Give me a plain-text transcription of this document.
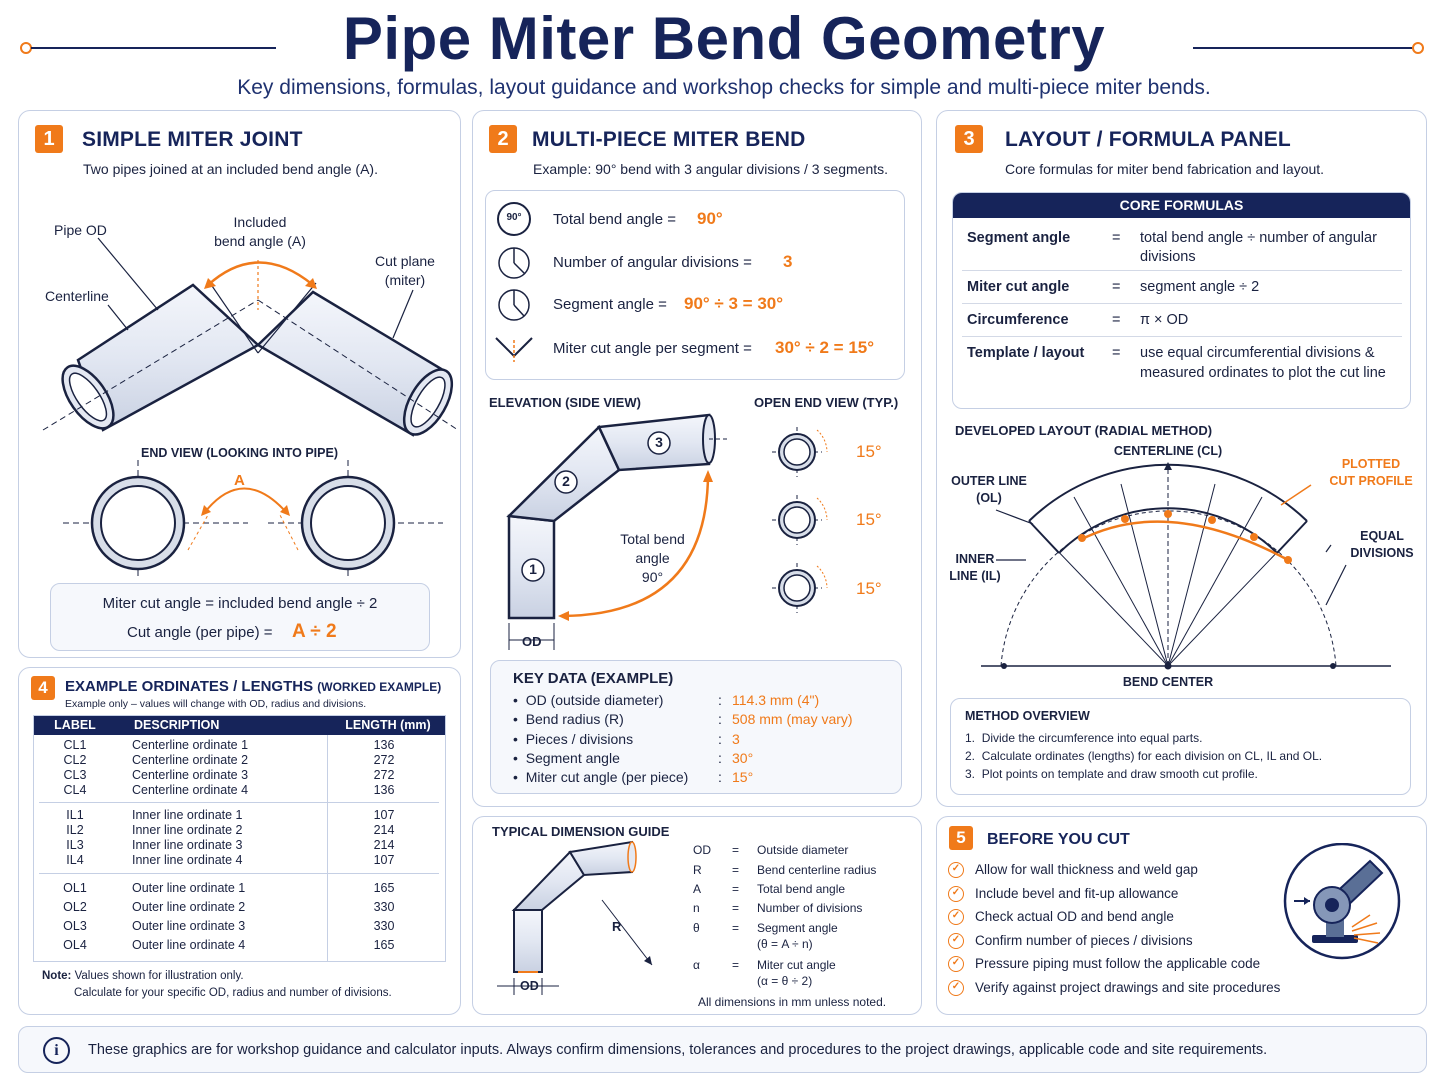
Pipe Miter Bend Geometry
Key dimensions, formulas, layout guidance and workshop checks for simple and multi-piece miter bends.
1	SIMPLE MITER JOINT
Two pipes joined at an included bend angle (A).
Pipe OD	Included
bend angle (A)
Cut plane
(miter)
Centerline
END VIEW (LOOKING INTO PIPE)
A
Miter cut angle = included bend angle ÷ 2
Cut angle (per pipe) = A ÷ 2
2	MULTI-PIECE MITER BEND
Example: 90° bend with 3 angular divisions / 3 segments.
90° Total bend angle = 90°
Number of angular divisions = 3
Segment angle = 90° ÷ 3 = 30°
Miter cut angle per segment = 30° ÷ 2 = 15°
ELEVATION (SIDE VIEW)	OPEN END VIEW (TYP.)
1
2
3
Total bend
angle
90°
OD
15°
15°
15°
KEY DATA (EXAMPLE)
•  OD (outside diameter)	: 114.3 mm (4")
•  Bend radius (R)	: 508 mm (may vary)
•  Pieces / divisions	: 3
•  Segment angle	: 30°
•  Miter cut angle (per piece) : 15°
3	LAYOUT / FORMULA PANEL
Core formulas for miter bend fabrication and layout.
CORE FORMULAS
Segment angle	= total bend angle ÷ number of angular divisions
Miter cut angle	= segment angle ÷ 2
Circumference	= π × OD
Template / layout = use equal circumferential divisions & measured ordinates to plot the cut line
DEVELOPED LAYOUT (RADIAL METHOD)
CENTERLINE (CL)
OUTER LINE
(OL)
INNER
LINE (IL)
PLOTTED
CUT PROFILE
EQUAL
DIVISIONS
BEND CENTER
METHOD OVERVIEW
1.  Divide the circumference into equal parts.
2.  Calculate ordinates (lengths) for each division on CL, IL and OL.
3.  Plot points on template and draw smooth cut profile.
4	EXAMPLE ORDINATES / LENGTHS (WORKED EXAMPLE)
Example only – values will change with OD, radius and divisions.
LABEL	DESCRIPTION	LENGTH (mm)
CL1	Centerline ordinate 1	136
CL2	Centerline ordinate 2	272
CL3	Centerline ordinate 3	272
CL4	Centerline ordinate 4	136
IL1	Inner line ordinate 1	107
IL2	Inner line ordinate 2	214
IL3	Inner line ordinate 3	214
IL4	Inner line ordinate 4	107
OL1	Outer line ordinate 1	165
OL2	Outer line ordinate 2	330
OL3	Outer line ordinate 3	330
OL4	Outer line ordinate 4	165
Note: Values shown for illustration only.
Calculate for your specific OD, radius and number of divisions.
TYPICAL DIMENSION GUIDE
R
OD
OD = Outside diameter
R	= Bend centerline radius
A	= Total bend angle
n	= Number of divisions
θ	= Segment angle
(θ = A ÷ n)
α	= Miter cut angle
(α = θ ÷ 2)
All dimensions in mm unless noted.
5	BEFORE YOU CUT
✓ Allow for wall thickness and weld gap
✓ Include bevel and fit-up allowance
✓ Check actual OD and bend angle
✓ Confirm number of pieces / divisions
✓ Pressure piping must follow the applicable code
✓ Verify against project drawings and site procedures
i	These graphics are for workshop guidance and calculator inputs. Always confirm dimensions, tolerances and procedures to the project drawings, applicable code and site requirements.
